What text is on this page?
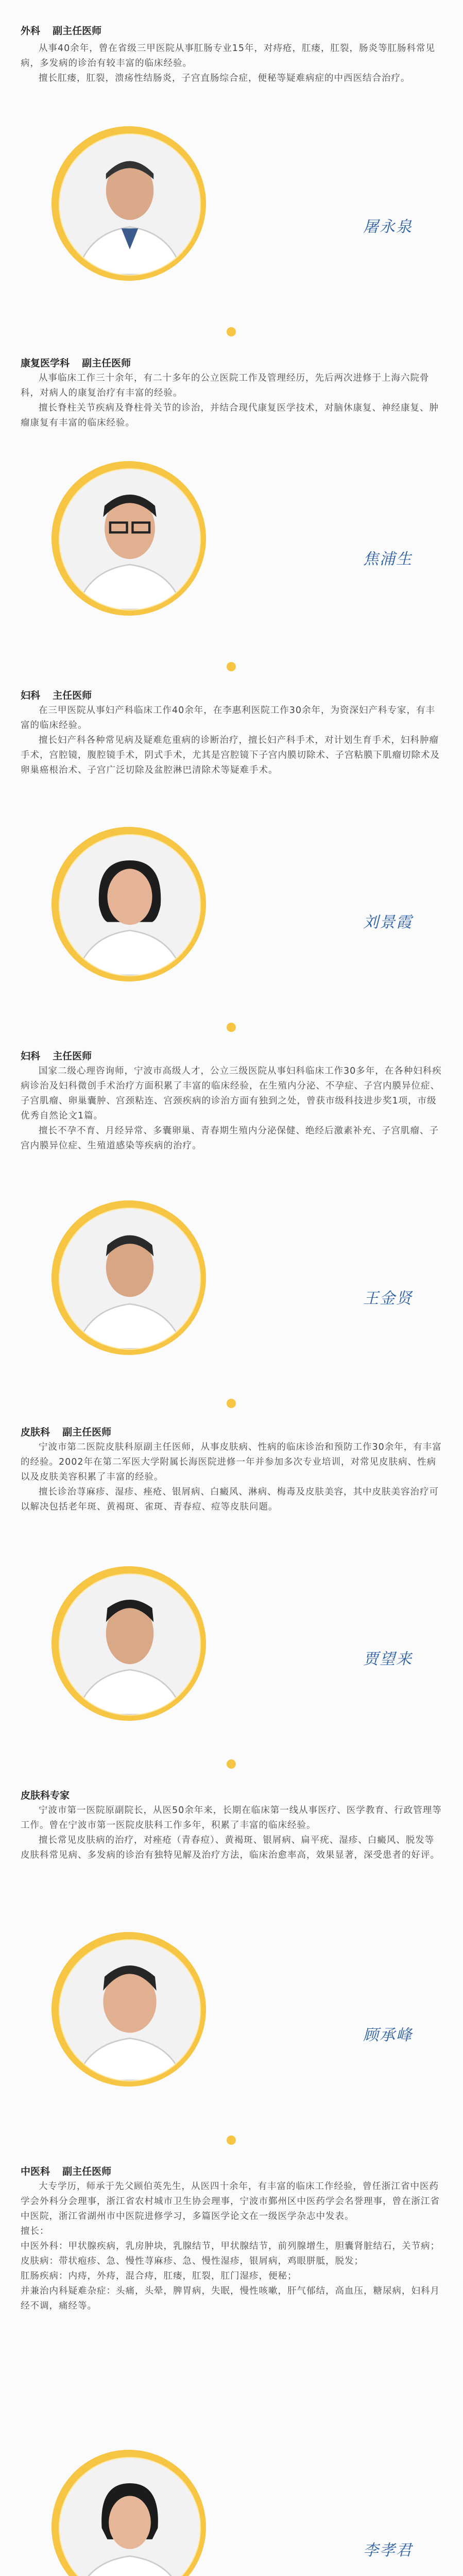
外科 副主任医师

从事40余年，曾在省级三甲医院从事肛肠专业15年，对痔疮，肛瘘，肛裂，肠炎等肛肠科常见病，多发病的诊治有较丰富的临床经验。

擅长肛瘘，肛裂，溃疡性结肠炎，子宫直肠综合症，便秘等疑难病症的中西医结合治疗。

屠永泉
康复医学科 副主任医师

从事临床工作三十余年，有二十多年的公立医院工作及管理经历，先后两次进修于上海六院骨科，对病人的康复治疗有丰富的经验。

擅长脊柱关节疾病及脊柱骨关节的诊治，并结合现代康复医学技术，对脑休康复、神经康复、肿瘤康复有丰富的临床经验。

焦浦生
妇科 主任医师

在三甲医院从事妇产科临床工作40余年，在李惠利医院工作30余年，为资深妇产科专家，有丰富的临床经验。

擅长妇产科各种常见病及疑难危重病的诊断治疗，擅长妇产科手术，对计划生育手术，妇科肿瘤手术，宫腔镜，腹腔镜手术，阴式手术，尤其是宫腔镜下子宫内膜切除术、子宫粘膜下肌瘤切除术及卵巢癌根治术、子宫广泛切除及盆腔淋巴清除术等疑难手术。

刘景霞
妇科 主任医师

国家二级心理咨询师，宁波市高级人才，公立三级医院从事妇科临床工作30多年，在各种妇科疾病诊治及妇科微创手术治疗方面积累了丰富的临床经验，在生殖内分泌、不孕症、子宫内膜异位症、子宫肌瘤、卵巢囊肿、宫颈粘连、宫颈疾病的诊治方面有独到之处，曾获市级科技进步奖1项，市级优秀自然论文1篇。

擅长不孕不育、月经异常、多囊卵巢、青春期生殖内分泌保健、绝经后激素补充、子宫肌瘤、子宫内膜异位症、生殖道感染等疾病的治疗。

王金贤
皮肤科 副主任医师

宁波市第二医院皮肤科原副主任医师，从事皮肤病、性病的临床诊治和预防工作30余年，有丰富的经验。2002年在第二军医大学附属长海医院进修一年并参加多次专业培训，对常见皮肤病、性病以及皮肤美容积累了丰富的经验。

擅长诊治荨麻疹、湿疹、痤疮、银屑病、白癜风、淋病、梅毒及皮肤美容，其中皮肤美容治疗可以解决包括老年斑、黄褐斑、雀斑、青春痘、痘等皮肤问题。

贾望来
皮肤科专家

宁波市第一医院原副院长，从医50余年来，长期在临床第一线从事医疗、医学教育、行政管理等工作。曾在宁波市第一医院皮肤科工作多年，积累了丰富的临床经验。

擅长常见皮肤病的治疗，对痤疮（青春痘）、黄褐斑、银屑病、扁平疣、湿疹、白癜风、脱发等皮肤科常见病、多发病的诊治有独特见解及治疗方法，临床治愈率高，效果显著，深受患者的好评。

顾承峰
中医科 副主任医师

大专学历，师承于先父顾伯英先生，从医四十余年，有丰富的临床工作经验，曾任浙江省中医药学会外科分会理事，浙江省农村城市卫生协会理事，宁波市鄞州区中医药学会名誉理事，曾在浙江省中医院，浙江省湖州市中医院进修学习，多篇医学论文在一级医学杂志中发表。

擅长：

中医外科：甲状腺疾病，乳房肿块，乳腺结节，甲状腺结节，前列腺增生，胆囊肾脏结石，关节病；

皮肤病：带状疱疹、急、慢性荨麻疹、急、慢性湿疹，银屑病，鸡眼胼胝，脱发；

肛肠疾病：内痔，外痔，混合痔，肛瘘，肛裂，肛门湿疹，便秘；

并兼治内科疑难杂症：头痛，头晕，脾胃病，失眠，慢性咳嗽，肝气郁结，高血压，糖尿病，妇科月经不调，痛经等。

李孝君
